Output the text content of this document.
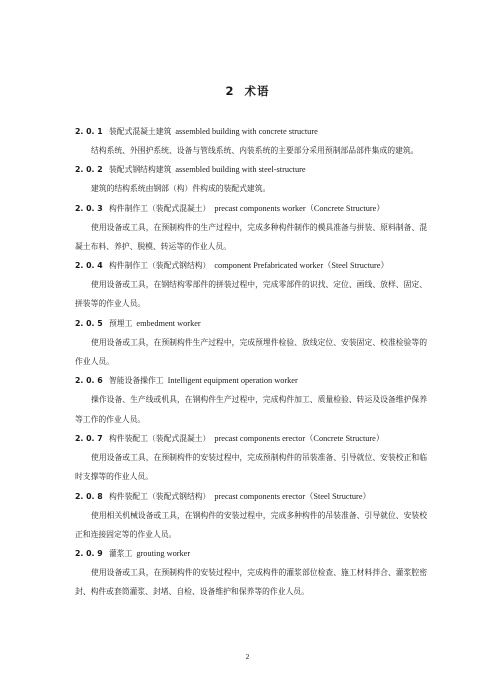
2 术语
2. 0. 1 装配式混凝土建筑 assembled building with concrete structure

结构系统、外围护系统、设备与管线系统、内装系统的主要部分采用预制部品部件集成的建筑。

2. 0. 2 装配式钢结构建筑 assembled building with steel-structure

建筑的结构系统由钢部（构）件构成的装配式建筑。

2. 0. 3 构件制作工（装配式混凝土） precast components worker（Concrete Structure）

使用设备或工具，在预制构件的生产过程中，完成多种构件制作的模具准备与拼装、原料制备、混凝土布料、养护、脱模、转运等的作业人员。

2. 0. 4 构件制作工（装配式钢结构） component Prefabricated worker（Steel Structure）

使用设备或工具，在钢结构零部件的拼装过程中，完成零部件的识找、定位、画线、放样、固定、拼装等的作业人员。

2. 0. 5 预埋工 embedment worker

使用设备或工具，在预制构件生产过程中，完成预埋件检验、放线定位、安装固定、校准检验等的作业人员。

2. 0. 6 智能设备操作工 Intelligent equipment operation worker

操作设备、生产线或机具，在钢构件生产过程中，完成构件加工、质量检验、转运及设备维护保养等工作的作业人员。

2. 0. 7 构件装配工（装配式混凝土） precast components erector（Concrete Structure）

使用设备或工具，在预制构件的安装过程中，完成预制构件的吊装准备、引导就位、安装校正和临时支撑等的作业人员。

2. 0. 8 构件装配工（装配式钢结构） precast components erector（Steel Structure）

使用相关机械设备或工具，在钢构件的安装过程中，完成多种构件的吊装准备、引导就位、安装校正和连接固定等的作业人员。

2. 0. 9 灌浆工 grouting worker

使用设备或工具，在预制构件的安装过程中，完成构件的灌浆部位检查、施工材料拌合、灌浆腔密封、构件或套筒灌浆、封堵、自检、设备维护和保养等的作业人员。

2
